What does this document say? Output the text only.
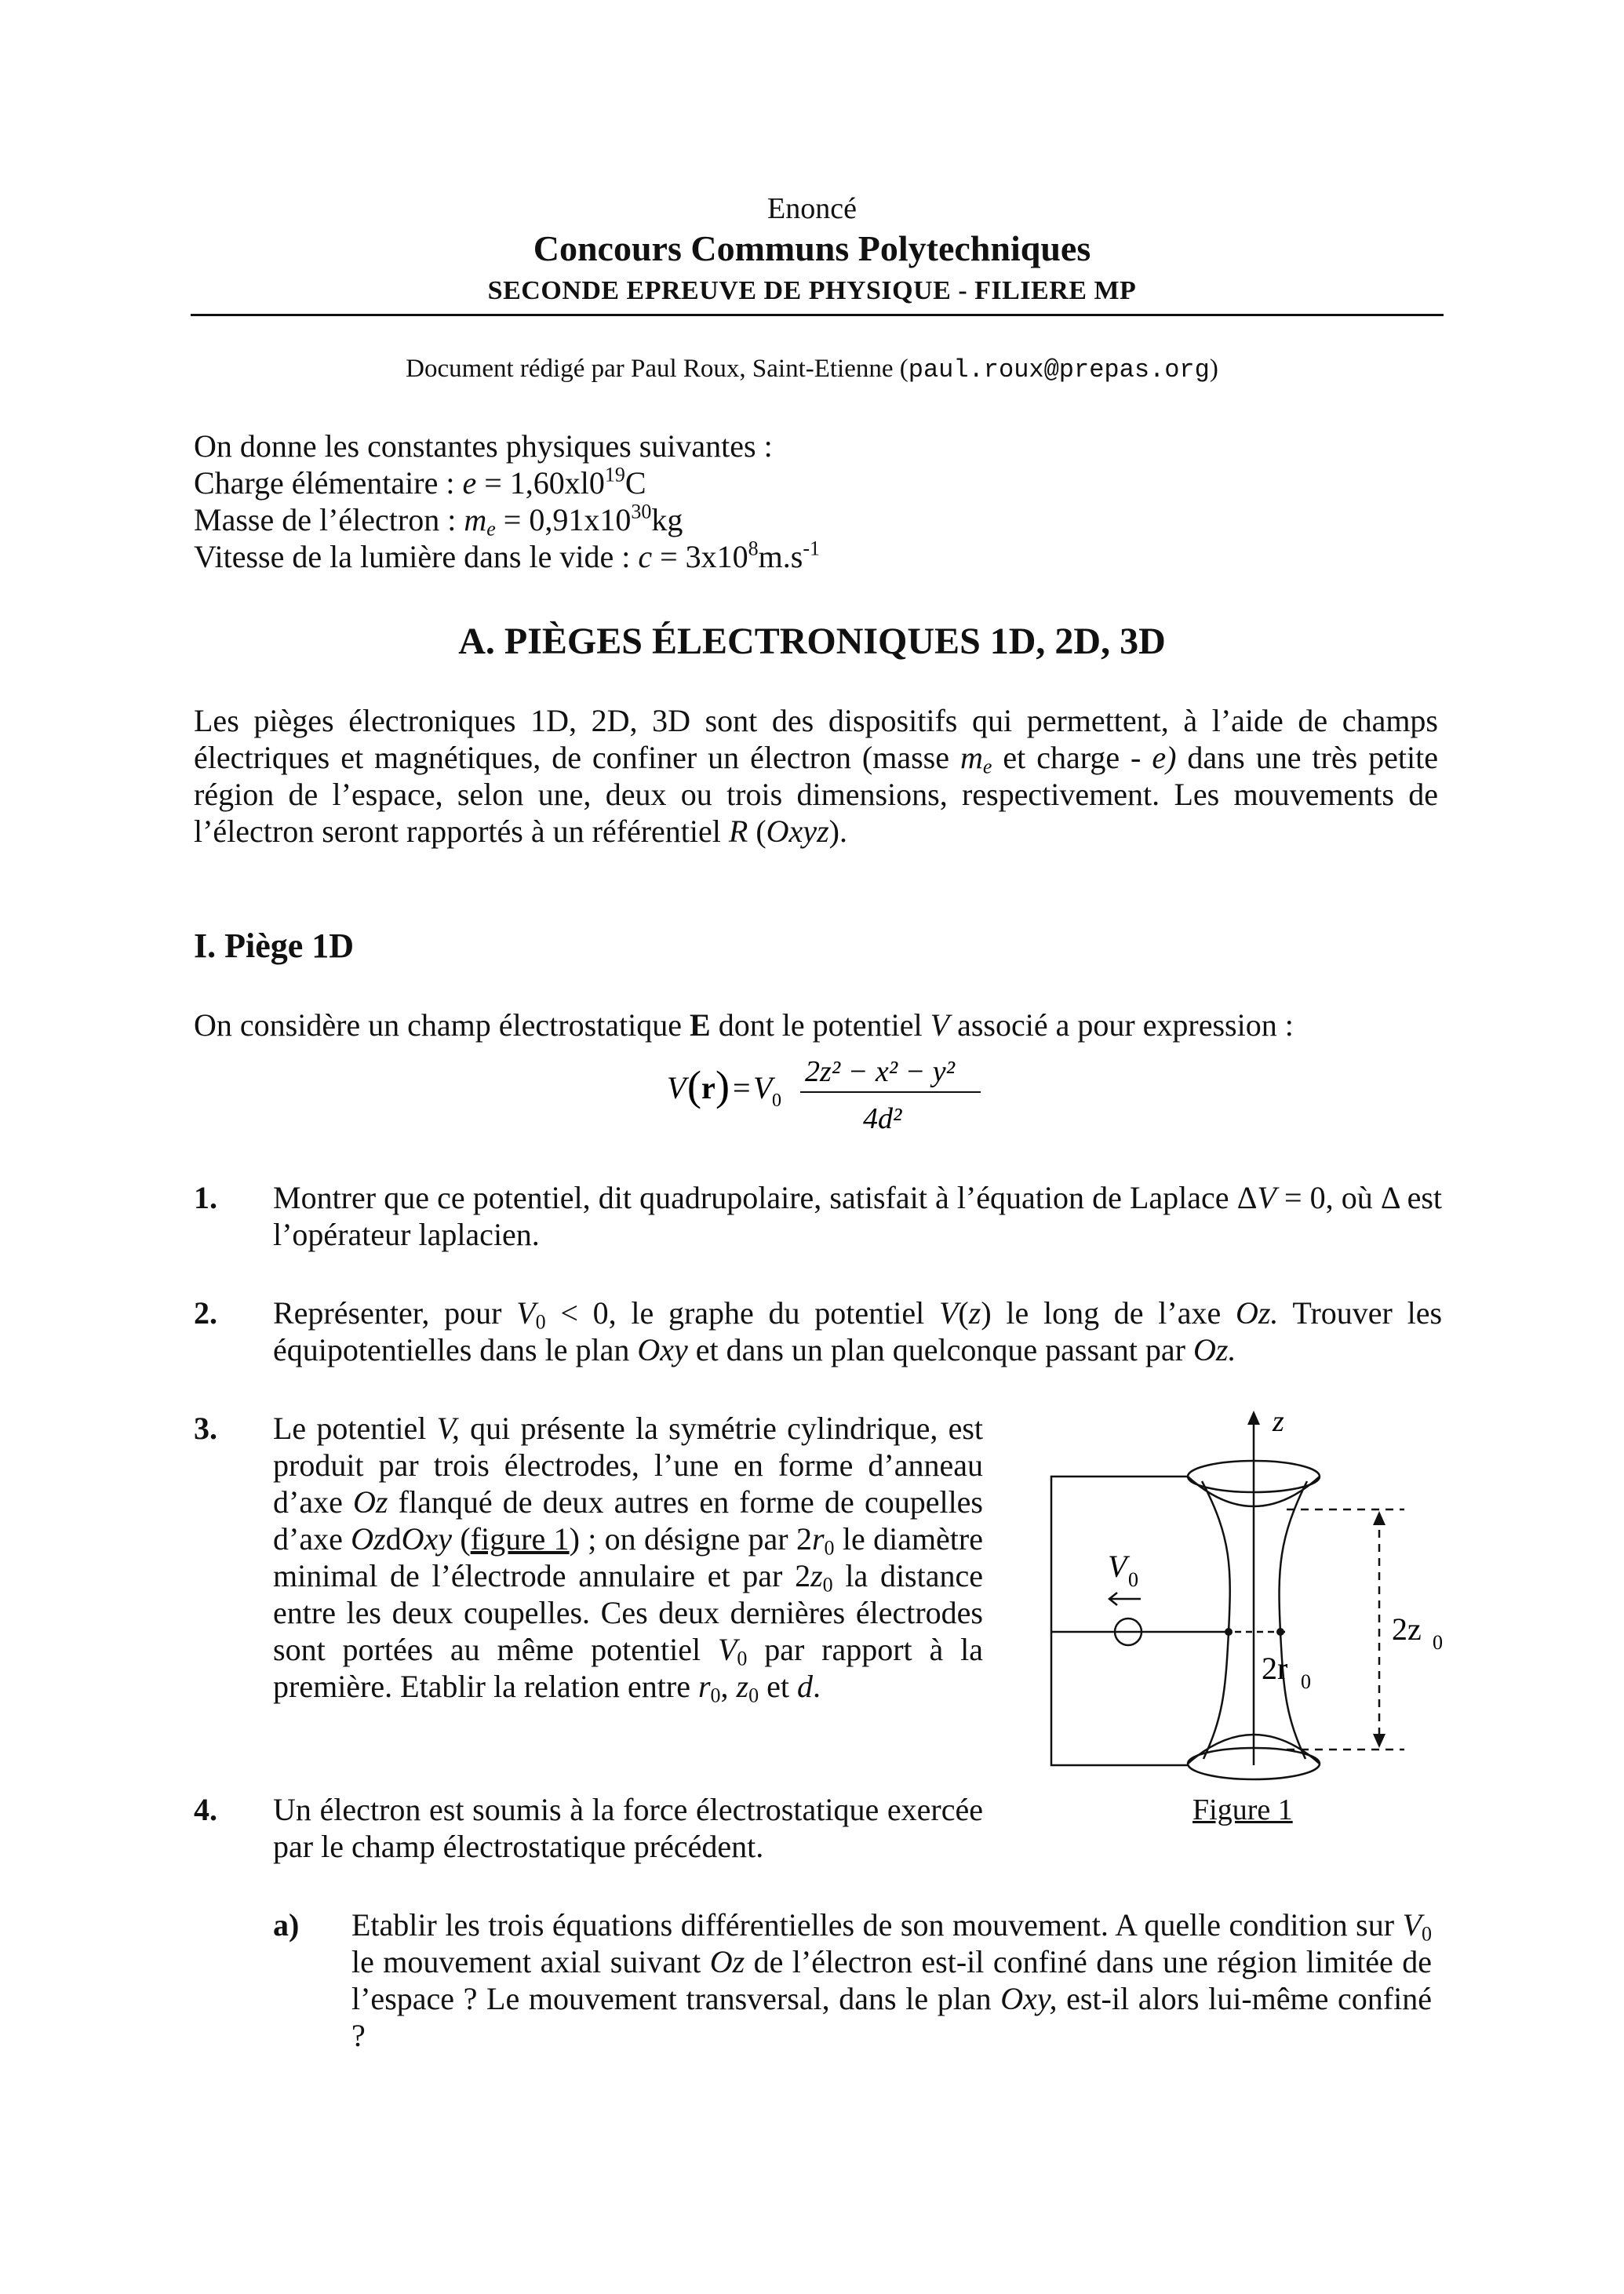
Enoncé
Concours Communs Polytechniques
SECONDE EPREUVE DE PHYSIQUE - FILIERE MP
Document rédigé par Paul Roux, Saint-Etienne (paul.roux@prepas.org)
On donne les constantes physiques suivantes :
Charge élémentaire : $e = 1,60xl0^{19}C$
Masse de l’électron : $m_e = 0,91x10^{30}kg$
Vitesse de la lumière dans le vide : $c = 3x10^8m.s^{-1}$
A. PIÈGES ÉLECTRONIQUES 1D, 2D, 3D
Les pièges électroniques 1D, 2D, 3D sont des dispositifs qui permettent, à l’aide de champs électriques et magnétiques, de confiner un électron (masse $m_e$ et charge - e) dans une très petite région de l’espace, selon une, deux ou trois dimensions, respectivement. Les mouvements de l’électron seront rapportés à un référentiel R (Oxyz).
I. Piège 1D
On considère un champ électrostatique E dont le potentiel V associé a pour expression :
V ( r ) = V 0
2z² − x² − y²
4d²
1. Montrer que ce potentiel, dit quadrupolaire, satisfait à l’équation de Laplace ΔV = 0, où Δ est l’opérateur laplacien.
2. Représenter, pour $V_0 < 0$, le graphe du potentiel V(z) le long de l’axe Oz. Trouver les équipotentielles dans le plan Oxy et dans un plan quelconque passant par Oz.
3. Le potentiel V, qui présente la symétrie cylindrique, est produit par trois électrodes, l’une en forme d’anneau d’axe Oz flanqué de deux autres en forme de coupelles d’axe OzdOxy (figure 1) ; on désigne par $2r_0$ le diamètre minimal de l’électrode annulaire et par $2z_0$ la distance entre les deux coupelles. Ces deux dernières électrodes sont portées au même potentiel $V_0$ par rapport à la première. Etablir la relation entre $r_0$, $z_0$ et d.
4. Un électron est soumis à la force électrostatique exercée par le champ électrostatique précédent.
a) Etablir les trois équations différentielles de son mouvement. A quelle condition sur $V_0$ le mouvement axial suivant Oz de l’électron est-il confiné dans une région limitée de l’espace ? Le mouvement transversal, dans le plan Oxy, est-il alors lui-même confiné ?
V 0
z
2z 0
2r 0
Figure 1
